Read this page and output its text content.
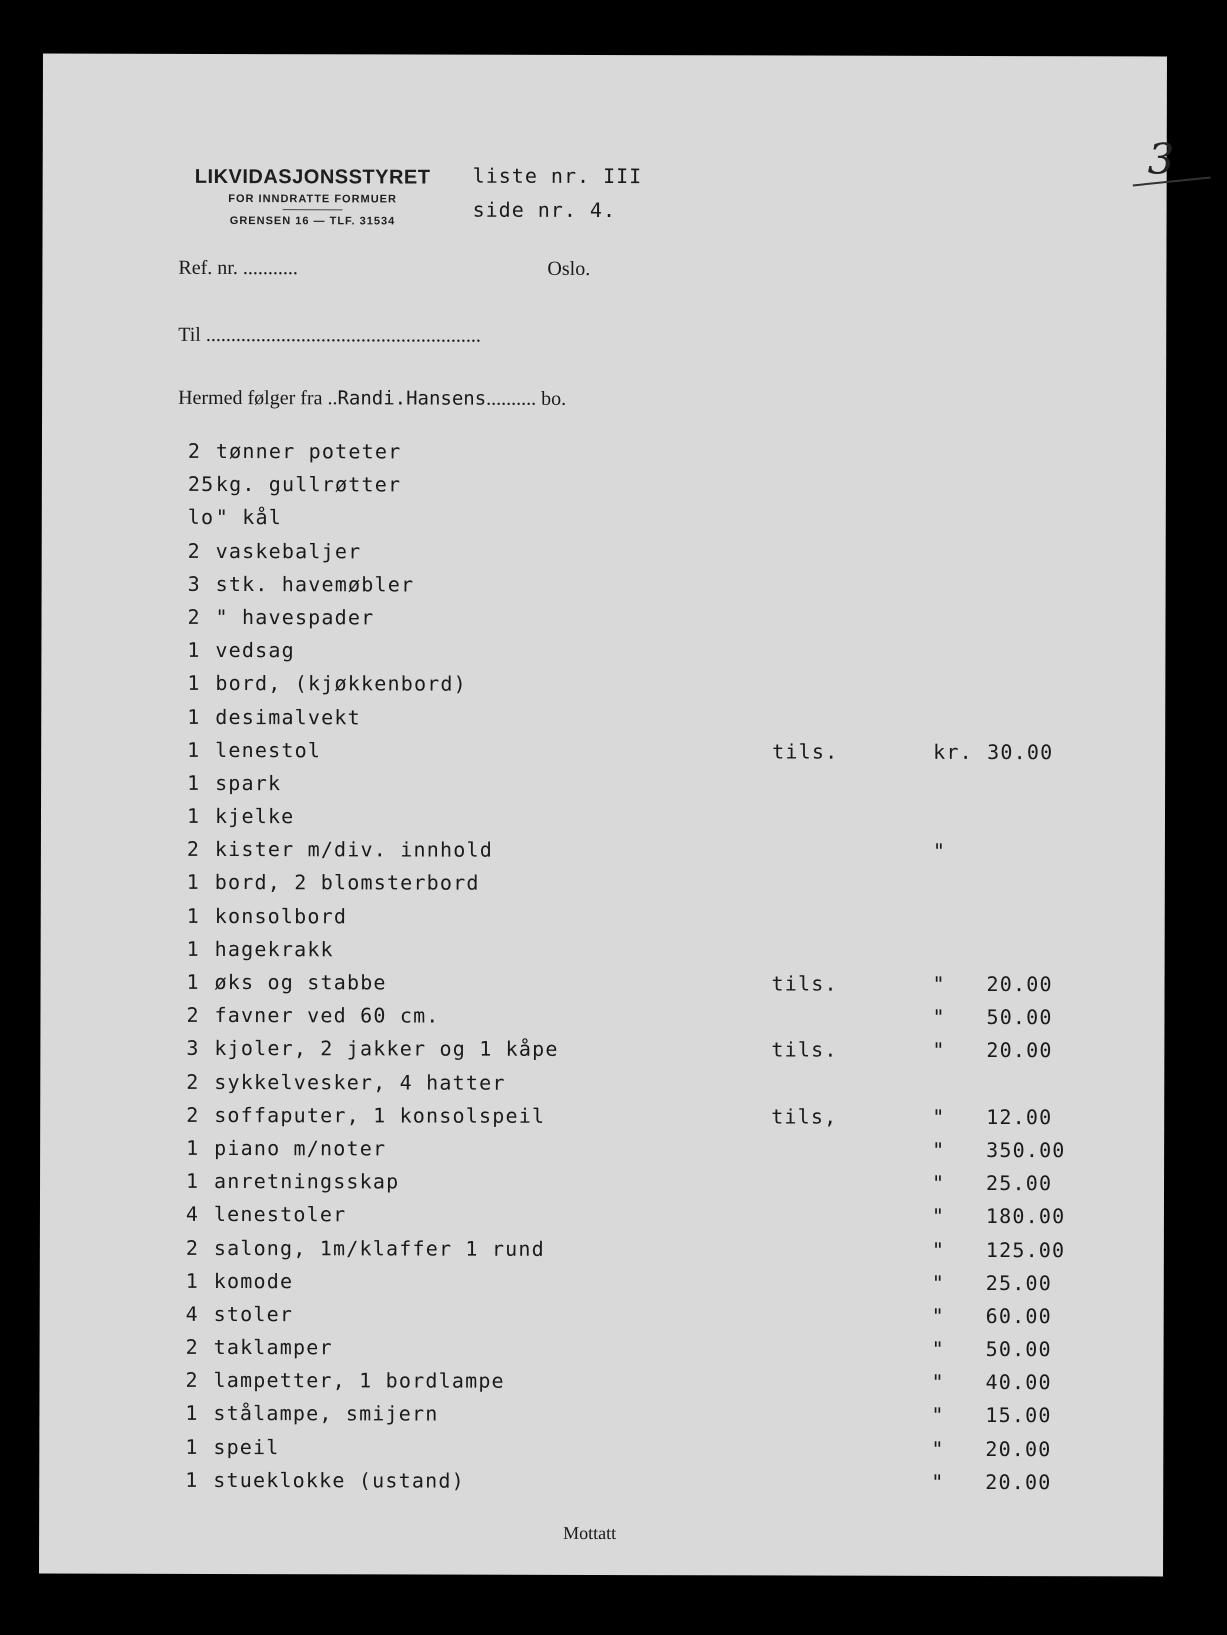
3
LIKVIDASJONSSTYRET
FOR INNDRATTE FORMUER
GRENSEN 16 — TLF. 31534
liste nr. III
side nr. 4.
Ref. nr. ...........	Oslo.
Til .......................................................
Hermed følger fra ..Randi.Hansens.......... bo.
2 tønner poteter
25 kg. gullrøtter
lo " kål
2 vaskebaljer
3 stk. havemøbler
2 " havespader
1 vedsag
1 bord, (kjøkkenbord)
1 desimalvekt
1 lenestol	tils.	kr. 30.00
1 spark
1 kjelke
2 kister m/div. innhold	"
1 bord, 2 blomsterbord
1 konsolbord
1 hagekrakk
1 øks og stabbe	tils.	" 20.00
2 favner ved 60 cm.	" 50.00
3 kjoler, 2 jakker og 1 kåpe	tils.	" 20.00
2 sykkelvesker, 4 hatter
2 soffaputer, 1 konsolspeil	tils,	" 12.00
1 piano m/noter	" 350.00
1 anretningsskap	" 25.00
4 lenestoler	" 180.00
2 salong, 1m/klaffer 1 rund	" 125.00
1 komode	" 25.00
4 stoler	" 60.00
2 taklamper	" 50.00
2 lampetter, 1 bordlampe	" 40.00
1 stålampe, smijern	" 15.00
1 speil	" 20.00
1 stueklokke (ustand)	" 20.00
Mottatt
